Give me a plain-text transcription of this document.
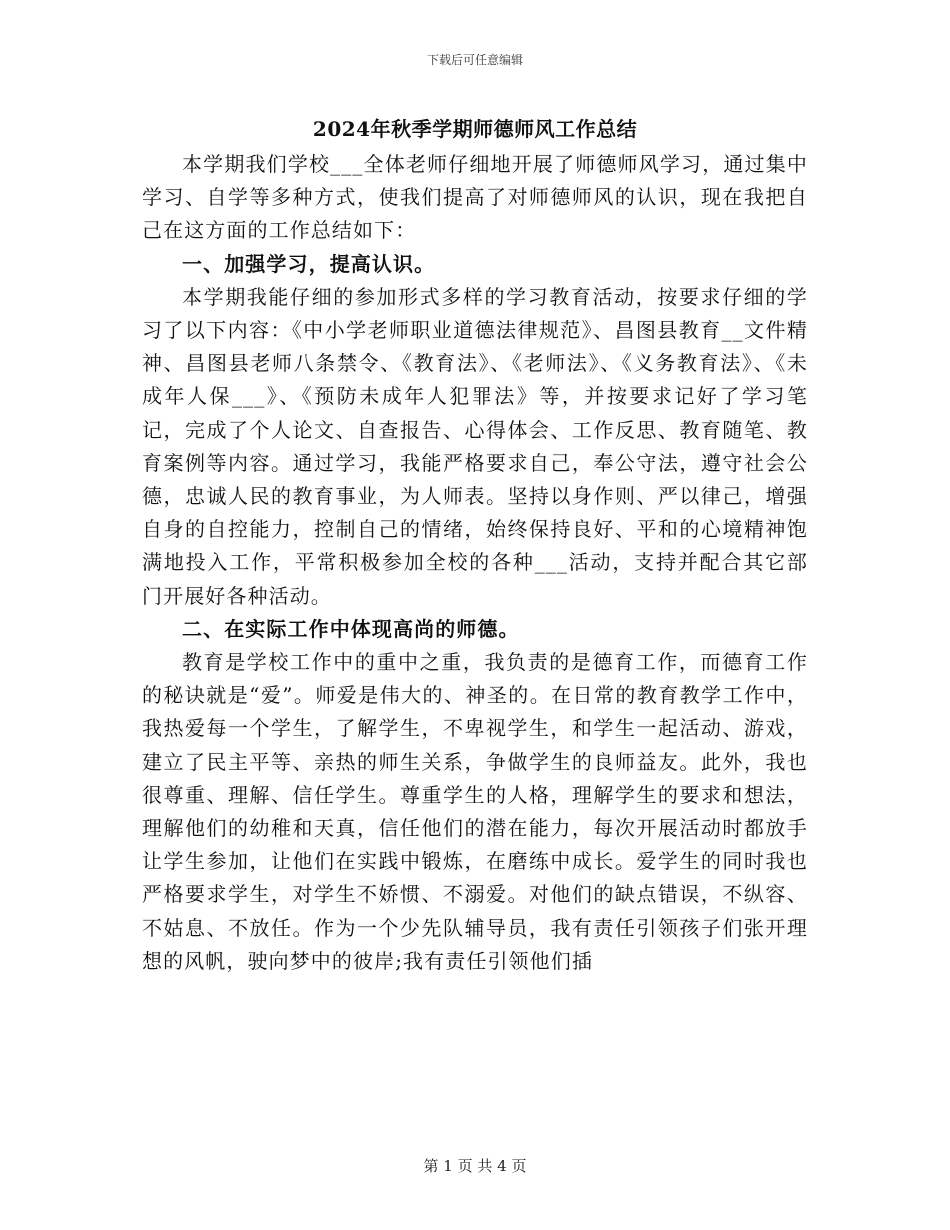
下载后可任意编辑
2024年秋季学期师德师风工作总结

本学期我们学校___全体老师仔细地开展了师德师风学习，通过集中学习、自学等多种方式，使我们提高了对师德师风的认识，现在我把自己在这方面的工作总结如下：

一、加强学习，提高认识。

本学期我能仔细的参加形式多样的学习教育活动，按要求仔细的学习了以下内容：《中小学老师职业道德法律规范》、昌图县教育__文件精神、昌图县老师八条禁令、《教育法》、《老师法》、《义务教育法》、《未成年人保___》、《预防未成年人犯罪法》等，并按要求记好了学习笔记，完成了个人论文、自查报告、心得体会、工作反思、教育随笔、教育案例等内容。通过学习，我能严格要求自己，奉公守法，遵守社会公德，忠诚人民的教育事业，为人师表。坚持以身作则、严以律己，增强自身的自控能力，控制自己的情绪，始终保持良好、平和的心境精神饱满地投入工作，平常积极参加全校的各种___活动，支持并配合其它部门开展好各种活动。

二、在实际工作中体现高尚的师德。

教育是学校工作中的重中之重，我负责的是德育工作，而德育工作的秘诀就是“爱”。师爱是伟大的、神圣的。在日常的教育教学工作中，我热爱每一个学生，了解学生，不卑视学生，和学生一起活动、游戏，建立了民主平等、亲热的师生关系，争做学生的良师益友。此外，我也很尊重、理解、信任学生。尊重学生的人格，理解学生的要求和想法，理解他们的幼稚和天真，信任他们的潜在能力，每次开展活动时都放手让学生参加，让他们在实践中锻炼，在磨练中成长。爱学生的同时我也严格要求学生，对学生不娇惯、不溺爱。对他们的缺点错误，不纵容、不姑息、不放任。作为一个少先队辅导员，我有责任引领孩子们张开理想的风帆，驶向梦中的彼岸;我有责任引领他们插

第 1 页 共 4 页
